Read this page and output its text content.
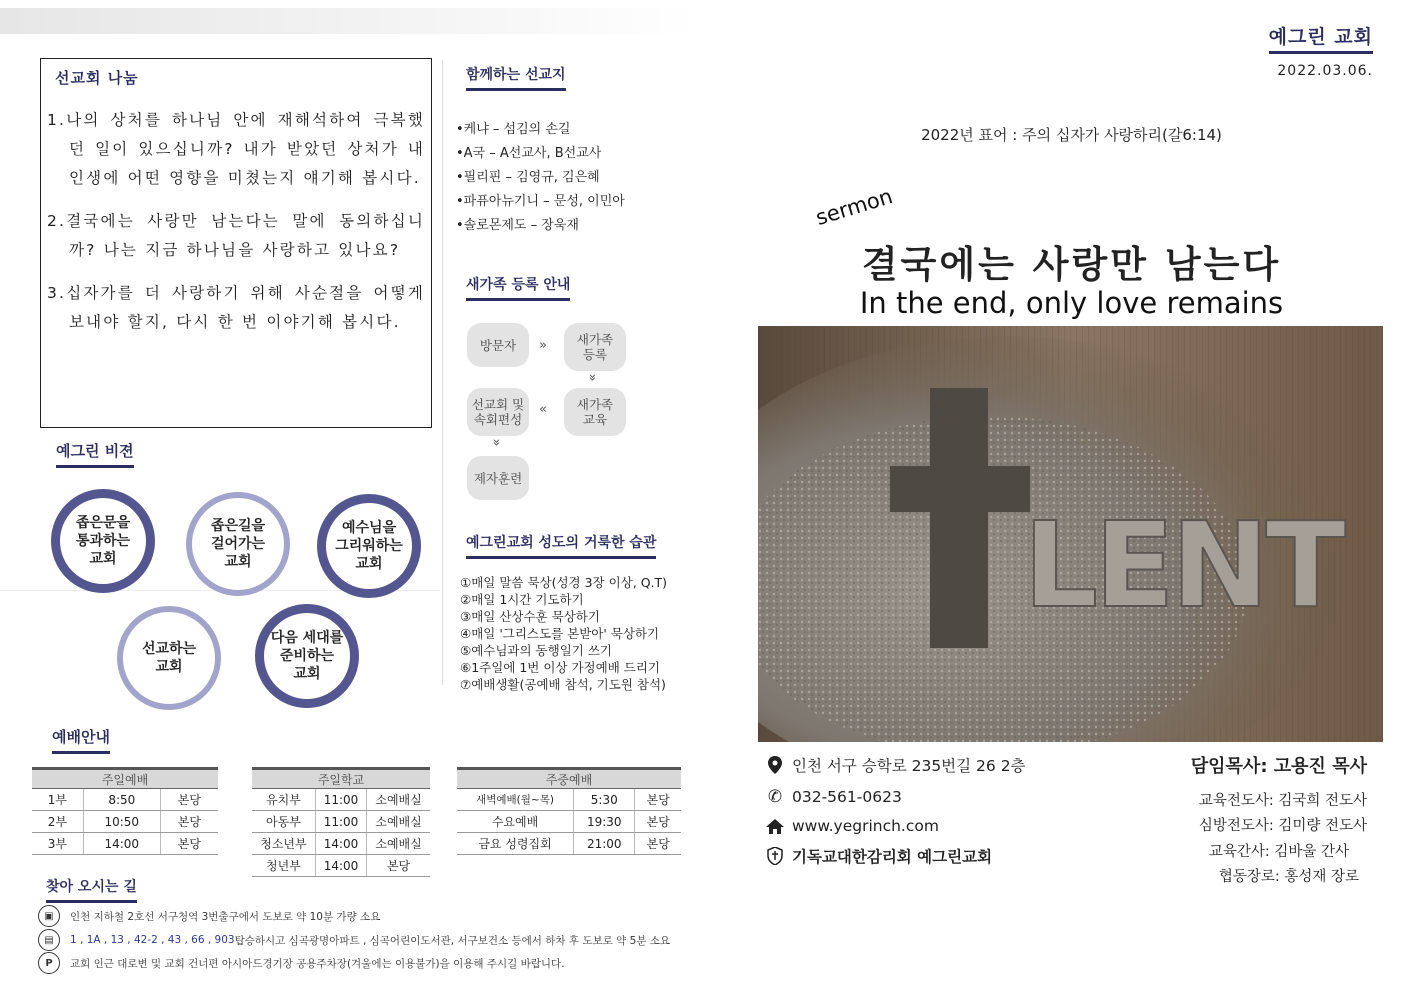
선교회 나눔
1.나의 상처를 하나님 안에 재해석하여 극복했던 일이 있으십니까? 내가 받았던 상처가 내 인생에 어떤 영향을 미쳤는지 얘기해 봅시다.
2.결국에는 사랑만 남는다는 말에 동의하십니까? 나는 지금 하나님을 사랑하고 있나요?
3.십자가를 더 사랑하기 위해 사순절을 어떻게 보내야 할지, 다시 한 번 이야기해 봅시다.
함께하는 선교지
•케냐 – 섬김의 손길
•A국 – A선교사, B선교사
•필리핀 – 김영규, 김은혜
•파퓨아뉴기니 – 문성, 이민아
•솔로몬제도 – 장욱재
새가족 등록 안내
방문자	»	새가족
등록
»
새가족
교육
«
선교회 및
속회편성
»
제자훈련
예그린 비젼
좁은문을
통과하는
교회
좁은길을
걸어가는
교회
예수님을
그리워하는
교회
선교하는
교회
다음 세대를
준비하는
교회
예그린교회 성도의 거룩한 습관
①매일 말씀 묵상(성경 3장 이상, Q.T)
②매일 1시간 기도하기
③매일 산상수훈 묵상하기
④매일 '그리스도를 본받아' 묵상하기
⑤예수님과의 동행일기 쓰기
⑥1주일에 1번 이상 가정예배 드리기
⑦예배생활(공예배 참석, 기도원 참석)
예배안내
주일예배		
1부	8:50	본당
2부	10:50	본당
3부	14:00	본당
주일학교		
유치부	11:00	소예배실
아동부	11:00	소예배실
청소년부	14:00	소예배실
청년부	14:00	본당
주중예배		
새벽예배(월~목)	5:30	본당
수요예배	19:30	본당
금요 성령집회	21:00	본당
찾아 오시는 길
▣	인천 지하철 2호선 서구청역 3번출구에서 도보로 약 10분 가량 소요
▤	1 , 1A , 13 , 42-2 , 43 , 66 , 903 탑승하시고 심곡광명아파트 , 심곡어린이도서관, 서구보건소 등에서 하차 후 도보로 약 5분 소요
P	교회 인근 대로변 및 교회 건너편 아시아드경기장 공용주차장(겨울에는 이용불가)을 이용해 주시길 바랍니다.
예그린 교회
2022.03.06.
2022년 표어 : 주의 십자가 사랑하리(갈6:14)
sermon
결국에는 사랑만 남는다
In the end, only love remains
LENT
인천 서구 승학로 235번길 26 2층
✆ 032-561-0623
www.yegrinch.com
기독교대한감리회 예그린교회
담임목사: 고용진 목사
교육전도사: 김국희 전도사
심방전도사: 김미량 전도사
교육간사: 김바울 간사
협동장로: 홍성재 장로
